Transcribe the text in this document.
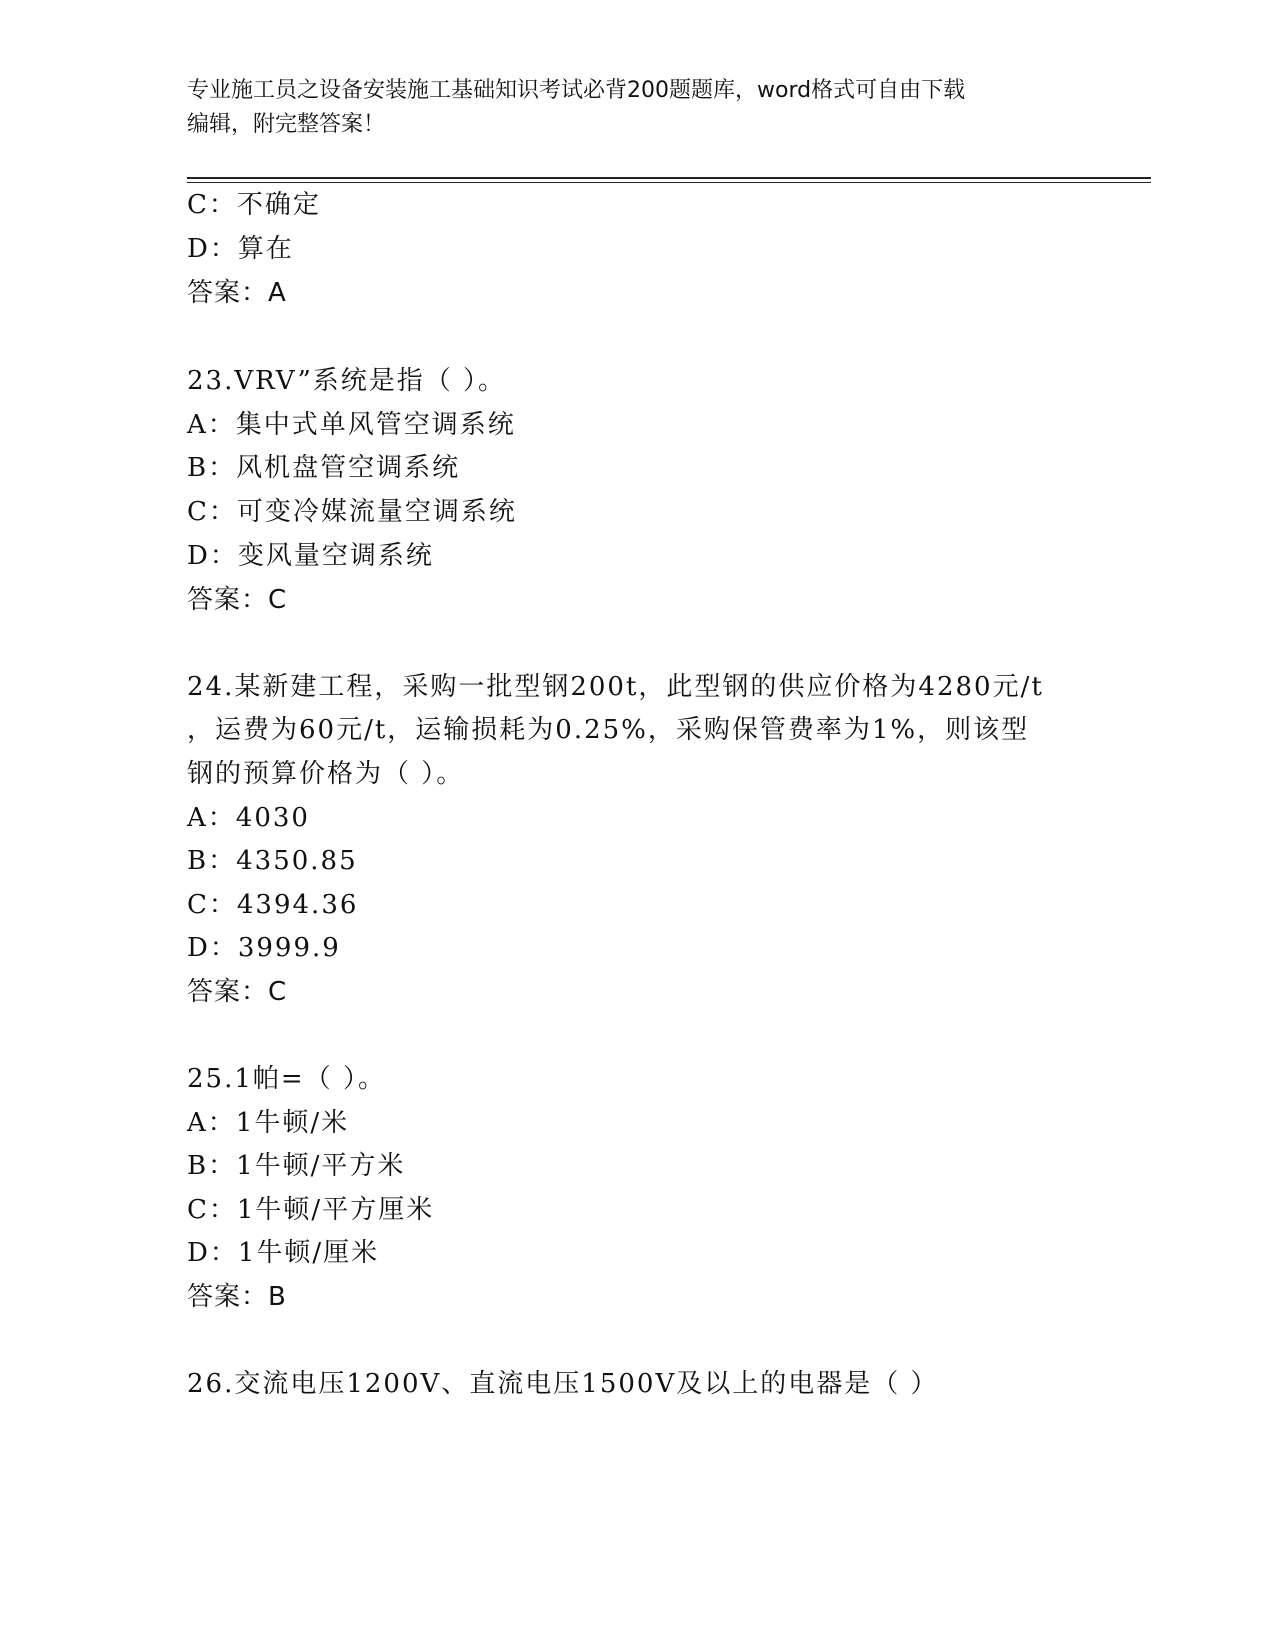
专业施工员之设备安装施工基础知识考试必背200题题库，word格式可自由下载
编辑，附完整答案！
C：不确定
D：算在
答案：A
23.VRV”系统是指（ ）。
A：集中式单风管空调系统
B：风机盘管空调系统
C：可变冷媒流量空调系统
D：变风量空调系统
答案：C
24.某新建工程，采购一批型钢200t，此型钢的供应价格为4280元/t
，运费为60元/t，运输损耗为0.25%，采购保管费率为1%，则该型
钢的预算价格为（ ）。
A：4030
B：4350.85
C：4394.36
D：3999.9
答案：C
25.1帕=（ ）。
A：1牛顿/米
B：1牛顿/平方米
C：1牛顿/平方厘米
D：1牛顿/厘米
答案：B
26.交流电压1200V、直流电压1500V及以上的电器是（ ）
